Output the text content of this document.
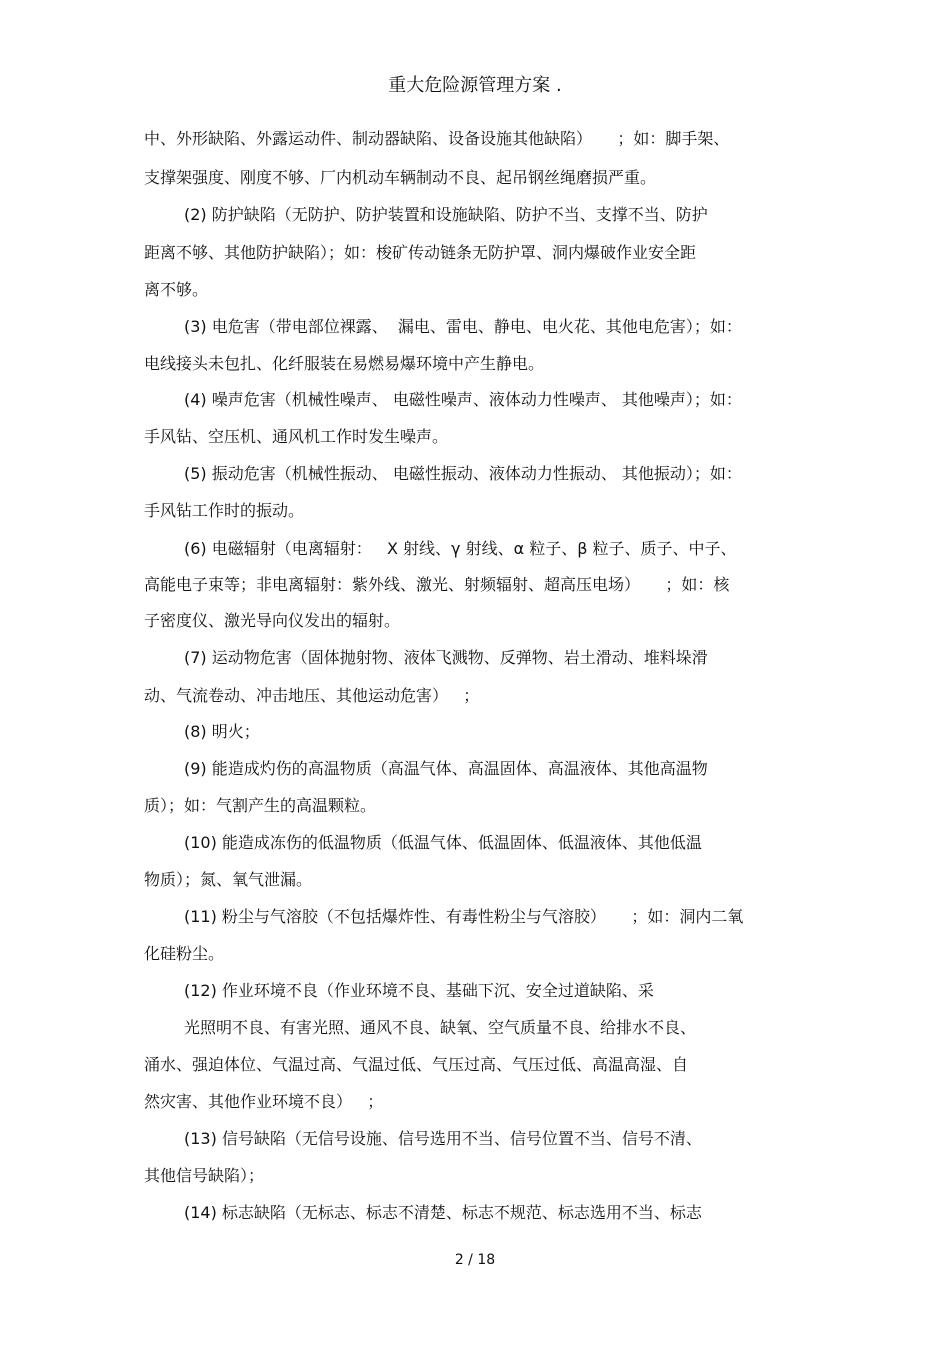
重大危险源管理方案 .
中、外形缺陷、外露运动件、制动器缺陷、设备设施其他缺陷）     ；如：脚手架、
支撑架强度、刚度不够、厂内机动车辆制动不良、起吊钢丝绳磨损严重。
(2) 防护缺陷（无防护、防护装置和设施缺陷、防护不当、支撑不当、防护
距离不够、其他防护缺陷）；如：梭矿传动链条无防护罩、洞内爆破作业安全距
离不够。
(3) 电危害（带电部位裸露、  漏电、雷电、静电、电火花、其他电危害）；如：
电线接头未包扎、化纤服装在易燃易爆环境中产生静电。
(4) 噪声危害（机械性噪声、 电磁性噪声、液体动力性噪声、 其他噪声）；如：
手风钻、空压机、通风机工作时发生噪声。
(5) 振动危害（机械性振动、 电磁性振动、液体动力性振动、 其他振动）；如：
手风钻工作时的振动。
(6) 电磁辐射（电离辐射：   X 射线、γ 射线、α 粒子、β 粒子、质子、中子、
高能电子束等；非电离辐射：紫外线、激光、射频辐射、超高压电场）     ；如：核
子密度仪、激光导向仪发出的辐射。
(7) 运动物危害（固体抛射物、液体飞溅物、反弹物、岩土滑动、堆料垛滑
动、气流卷动、冲击地压、其他运动危害）   ；
(8) 明火；
(9) 能造成灼伤的高温物质（高温气体、高温固体、高温液体、其他高温物
质）；如：气割产生的高温颗粒。
(10) 能造成冻伤的低温物质（低温气体、低温固体、低温液体、其他低温
物质）；氮、氧气泄漏。
(11) 粉尘与气溶胶（不包括爆炸性、有毒性粉尘与气溶胶）     ；如：洞内二氧
化硅粉尘。
(12) 作业环境不良（作业环境不良、基础下沉、安全过道缺陷、采
光照明不良、有害光照、通风不良、缺氧、空气质量不良、给排水不良、
涌水、强迫体位、气温过高、气温过低、气压过高、气压过低、高温高湿、自
然灾害、其他作业环境不良）   ；
(13) 信号缺陷（无信号设施、信号选用不当、信号位置不当、信号不清、
其他信号缺陷）；
(14) 标志缺陷（无标志、标志不清楚、标志不规范、标志选用不当、标志
2 / 18
